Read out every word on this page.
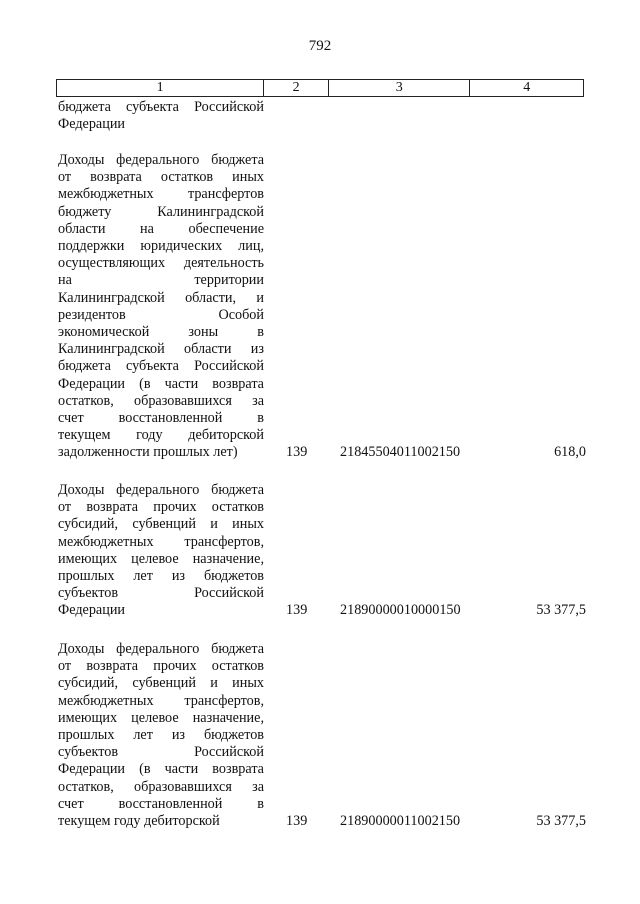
792
1	2	3	4
бюджета субъекта Российской
Федерации
Доходы федерального бюджета
от возврата остатков иных
межбюджетных трансфертов
бюджету Калининградской
области на обеспечение
поддержки юридических лиц,
осуществляющих деятельность
на территории
Калининградской области, и
резидентов Особой
экономической зоны в
Калининградской области из
бюджета субъекта Российской
Федерации (в части возврата
остатков, образовавшихся за
счет восстановленной в
текущем году дебиторской
задолженности прошлых лет)	139 21845504011002150	618,0
Доходы федерального бюджета
от возврата прочих остатков
субсидий, субвенций и иных
межбюджетных трансфертов,
имеющих целевое назначение,
прошлых лет из бюджетов
субъектов Российской
Федерации	139 21890000010000150	53 377,5
Доходы федерального бюджета
от возврата прочих остатков
субсидий, субвенций и иных
межбюджетных трансфертов,
имеющих целевое назначение,
прошлых лет из бюджетов
субъектов Российской
Федерации (в части возврата
остатков, образовавшихся за
счет восстановленной в
текущем году дебиторской	139 21890000011002150	53 377,5
